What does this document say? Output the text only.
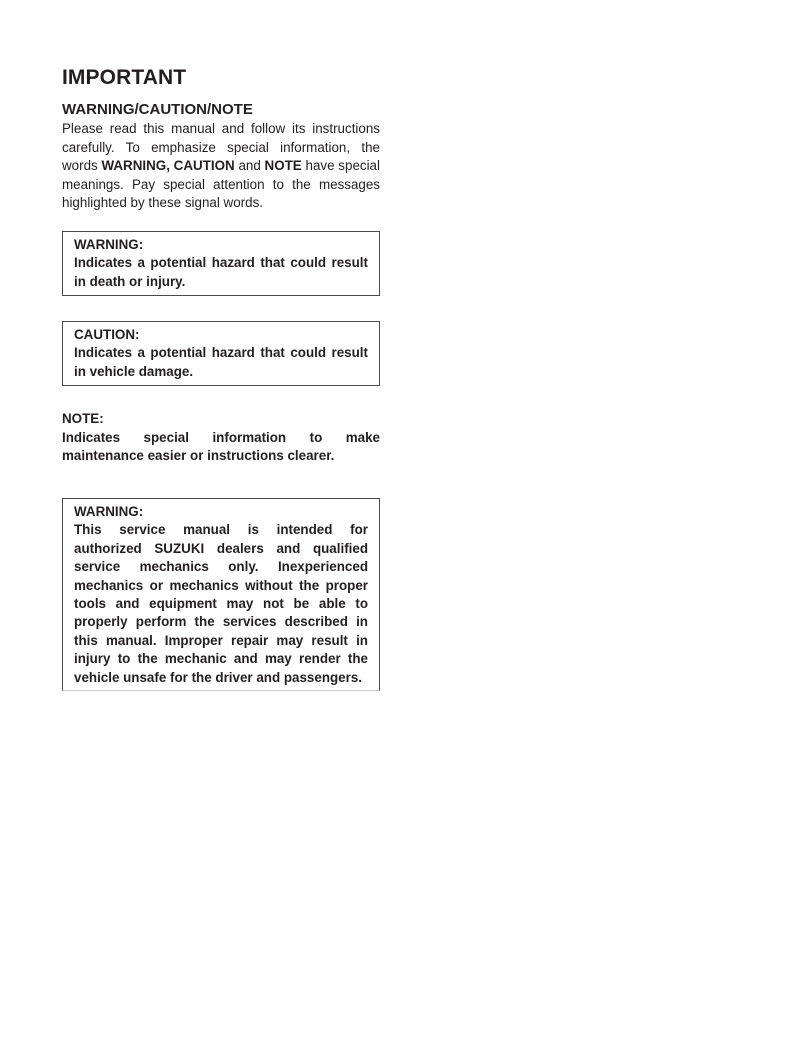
IMPORTANT
WARNING/CAUTION/NOTE
Please read this manual and follow its instructions carefully. To emphasize special information, the words WARNING, CAUTION and NOTE have special meanings. Pay special attention to the messages highlighted by these signal words.
WARNING:
Indicates a potential hazard that could result in death or injury.
CAUTION:
Indicates a potential hazard that could result in vehicle damage.
NOTE:
Indicates special information to make maintenance easier or instructions clearer.
WARNING:
This service manual is intended for authorized SUZUKI dealers and qualified service mechanics only. Inexperienced mechanics or mechanics without the proper tools and equipment may not be able to properly perform the services described in this manual. Improper repair may result in injury to the mechanic and may render the vehicle unsafe for the driver and passengers.
